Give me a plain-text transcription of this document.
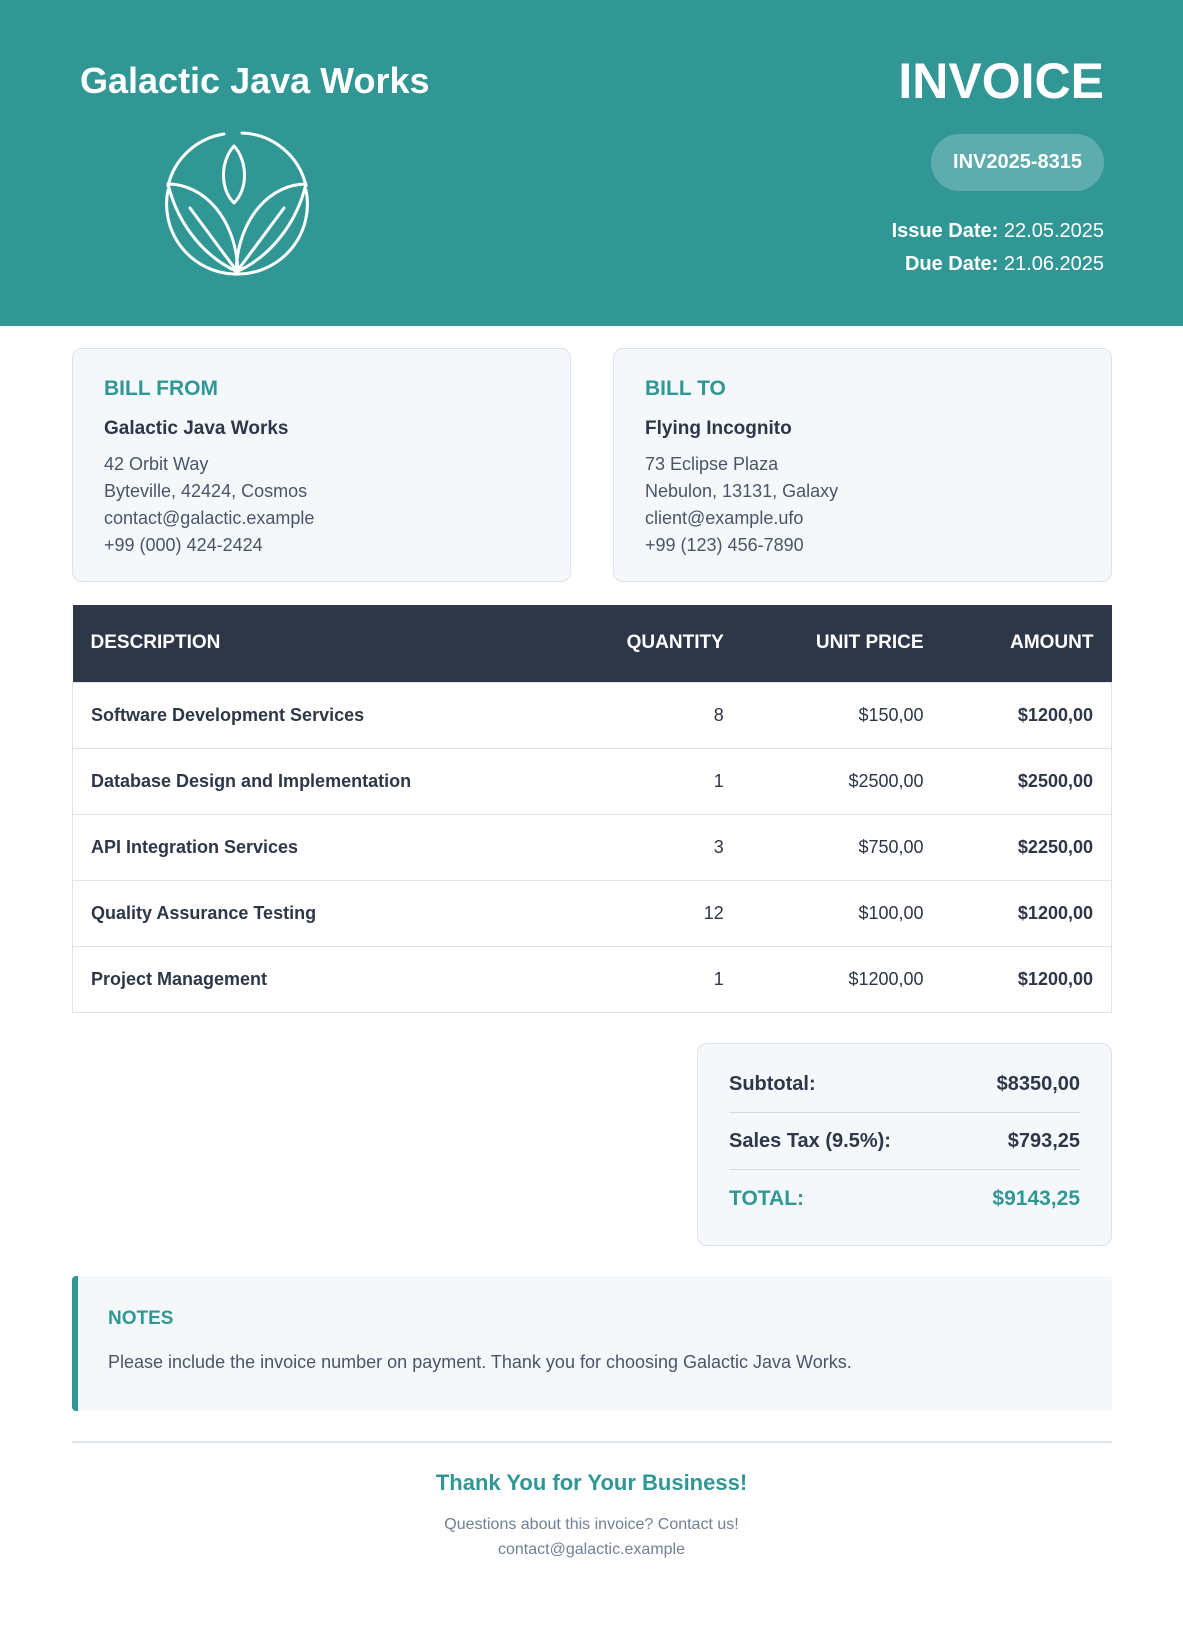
Galactic Java Works	INVOICE
INV2025-8315
Issue Date: 22.05.2025
Due Date: 21.06.2025
BILL FROM
Galactic Java Works
42 Orbit Way
Byteville, 42424, Cosmos
contact@galactic.example
+99 (000) 424-2424
BILL TO
Flying Incognito
73 Eclipse Plaza
Nebulon, 13131, Galaxy
client@example.ufo
+99 (123) 456-7890
DESCRIPTION	QUANTITY	UNIT PRICE	AMOUNT
Software Development Services	8	$150,00	$1200,00
Database Design and Implementation	1	$2500,00	$2500,00
API Integration Services	3	$750,00	$2250,00
Quality Assurance Testing	12	$100,00	$1200,00
Project Management	1	$1200,00	$1200,00
Subtotal:	$8350,00
Sales Tax (9.5%):	$793,25
TOTAL:	$9143,25
NOTES
Please include the invoice number on payment. Thank you for choosing Galactic Java Works.
Thank You for Your Business!
Questions about this invoice? Contact us!
contact@galactic.example
